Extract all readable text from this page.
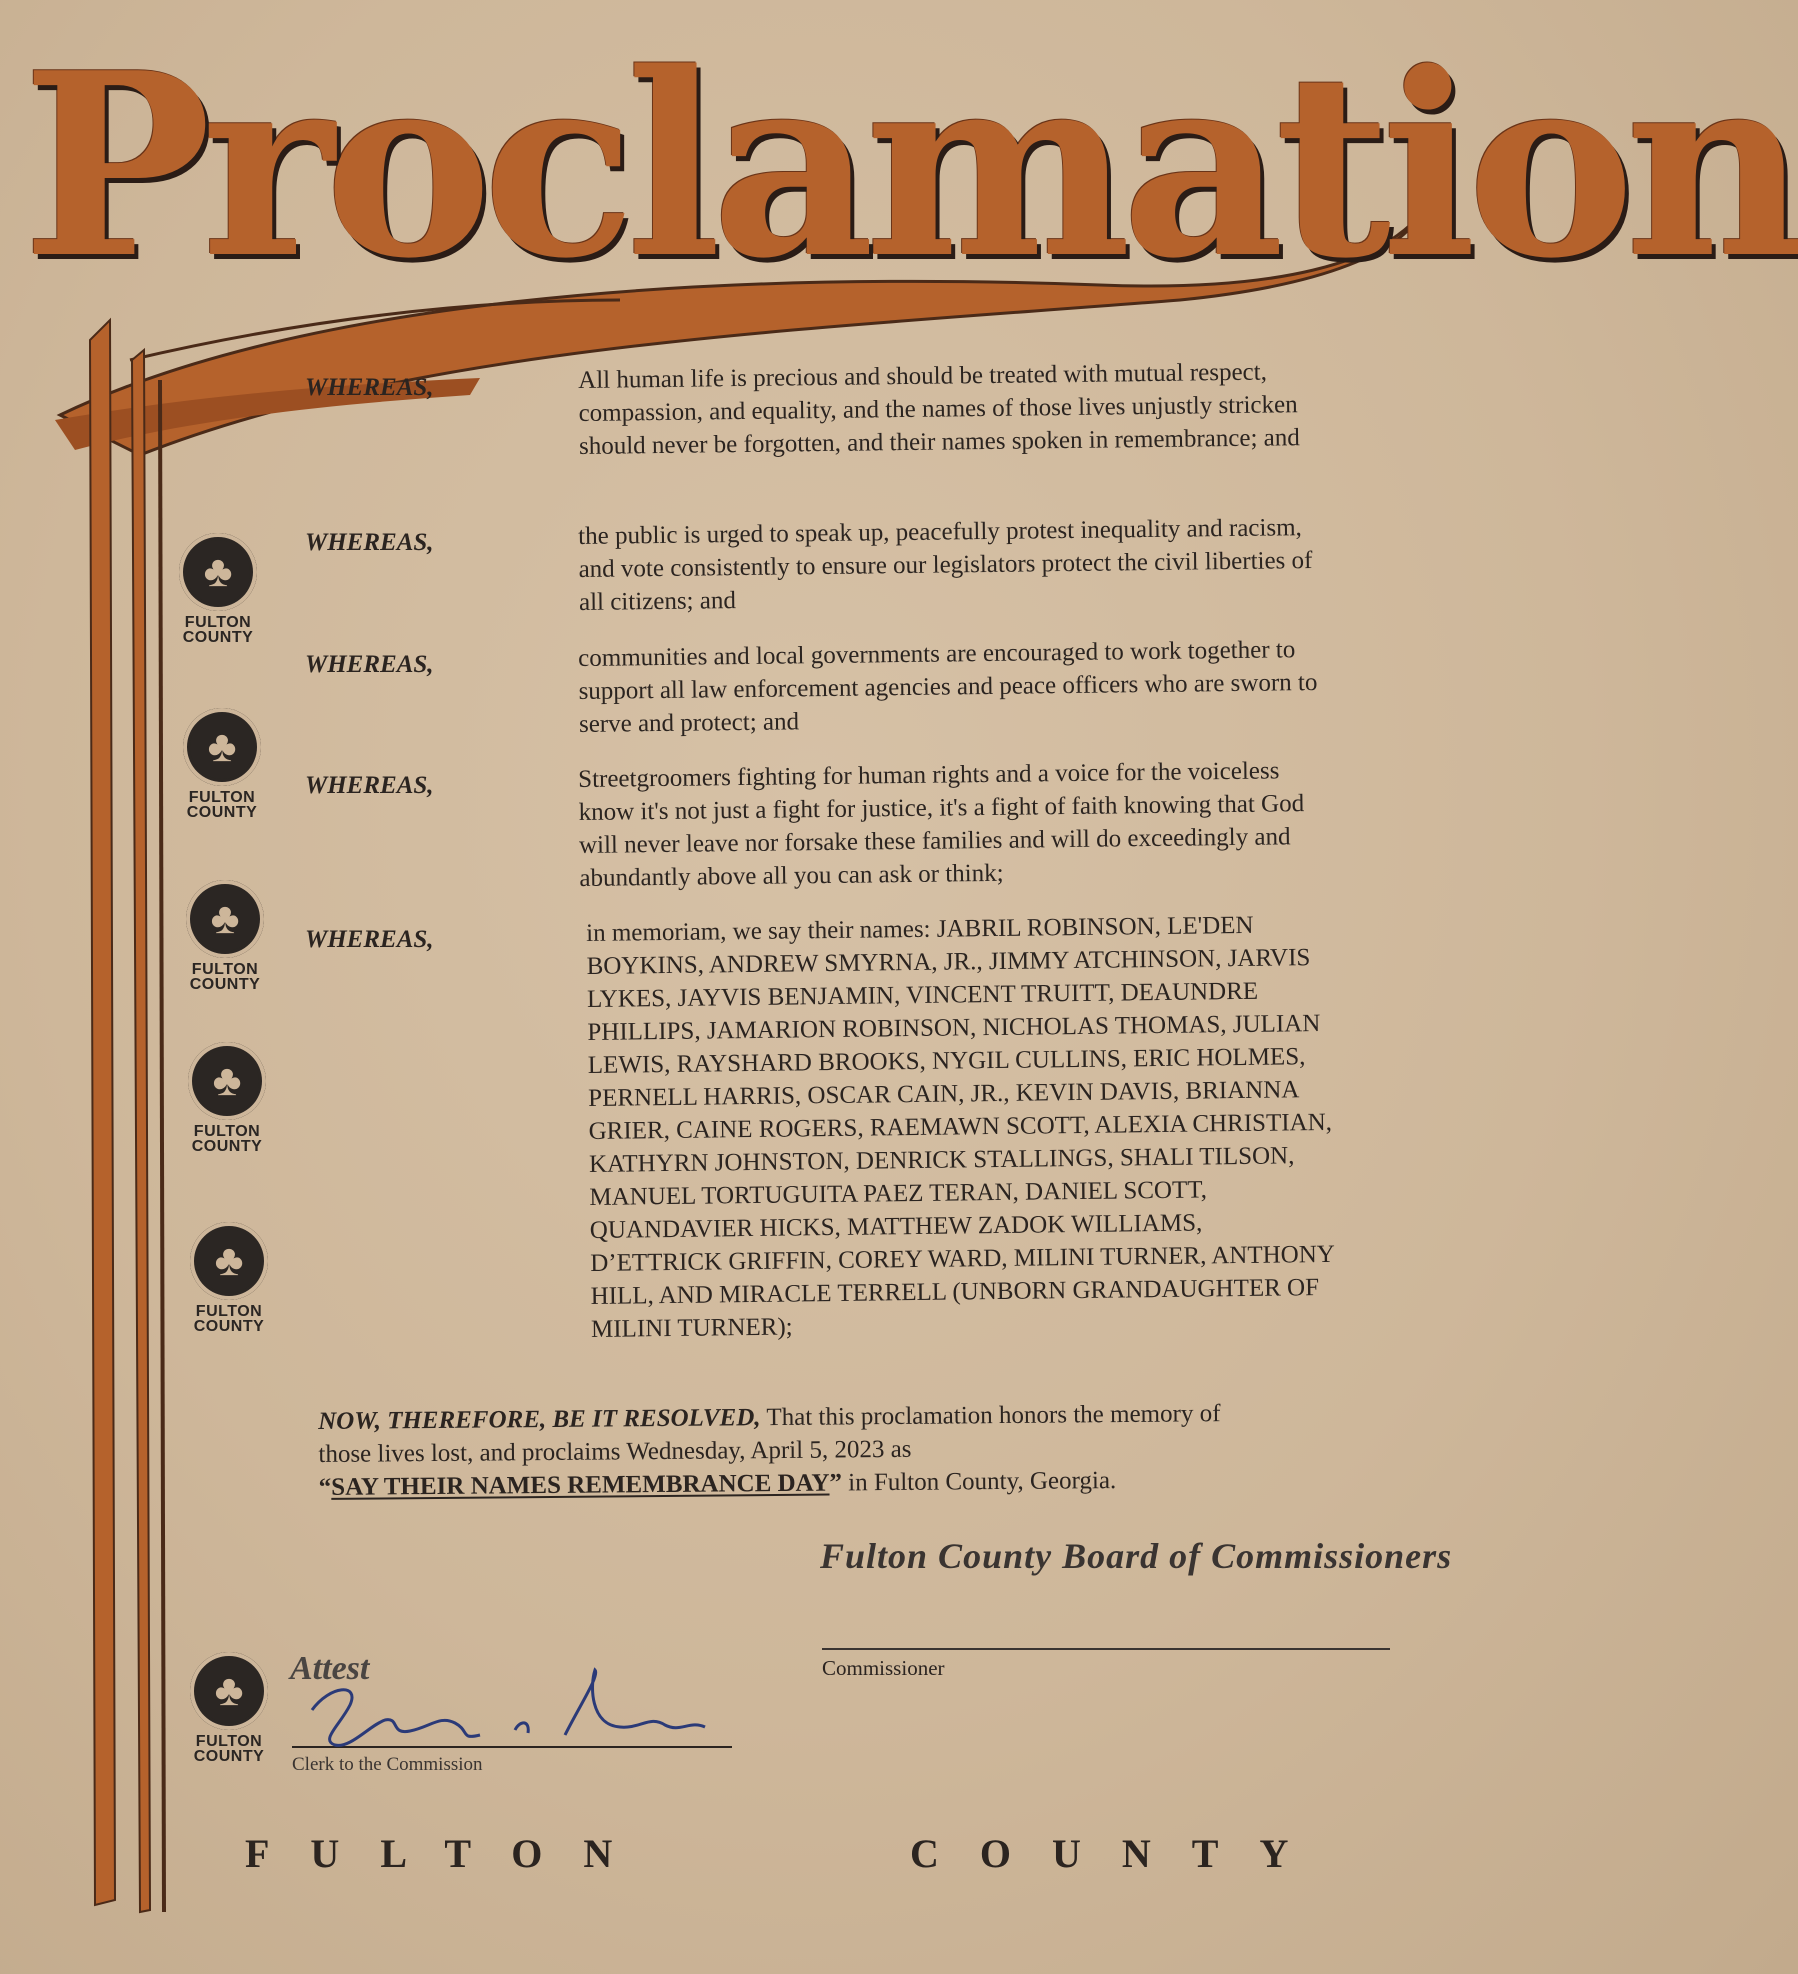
Proclamation
♣
FULTON
COUNTY
♣
FULTON
COUNTY
♣
FULTON
COUNTY
♣
FULTON
COUNTY
♣
FULTON
COUNTY
♣
FULTON
COUNTY
WHEREAS,	All human life is precious and should be treated with mutual respect, compassion, and equality, and the names of those lives unjustly stricken should never be forgotten, and their names spoken in remembrance; and
WHEREAS,	the public is urged to speak up, peacefully protest inequality and racism, and vote consistently to ensure our legislators protect the civil liberties of all citizens; and
WHEREAS,	communities and local governments are encouraged to work together to support all law enforcement agencies and peace officers who are sworn to serve and protect; and
WHEREAS,	Streetgroomers fighting for human rights and a voice for the voiceless know it's not just a fight for justice, it's a fight of faith knowing that God will never leave nor forsake these families and will do exceedingly and abundantly above all you can ask or think;
WHEREAS,	in memoriam, we say their names: JABRIL ROBINSON, LE'DEN BOYKINS, ANDREW SMYRNA, JR., JIMMY ATCHINSON, JARVIS LYKES, JAYVIS BENJAMIN, VINCENT TRUITT, DEAUNDRE PHILLIPS, JAMARION ROBINSON, NICHOLAS THOMAS, JULIAN LEWIS, RAYSHARD BROOKS, NYGIL CULLINS, ERIC HOLMES, PERNELL HARRIS, OSCAR CAIN, JR., KEVIN DAVIS, BRIANNA GRIER, CAINE ROGERS, RAEMAWN SCOTT, ALEXIA CHRISTIAN, KATHYRN JOHNSTON, DENRICK STALLINGS, SHALI TILSON, MANUEL TORTUGUITA PAEZ TERAN, DANIEL SCOTT, QUANDAVIER HICKS, MATTHEW ZADOK WILLIAMS, D’ETTRICK GRIFFIN, COREY WARD, MILINI TURNER, ANTHONY HILL, AND MIRACLE TERRELL (UNBORN GRANDAUGHTER OF MILINI TURNER);
NOW, THEREFORE, BE IT RESOLVED, That this proclamation honors the memory of those lives lost, and proclaims Wednesday, April 5, 2023 as
“SAY THEIR NAMES REMEMBRANCE DAY” in Fulton County, Georgia.
Fulton County Board of Commissioners
Commissioner
Attest
Clerk to the Commission
FULTON	COUNTY
